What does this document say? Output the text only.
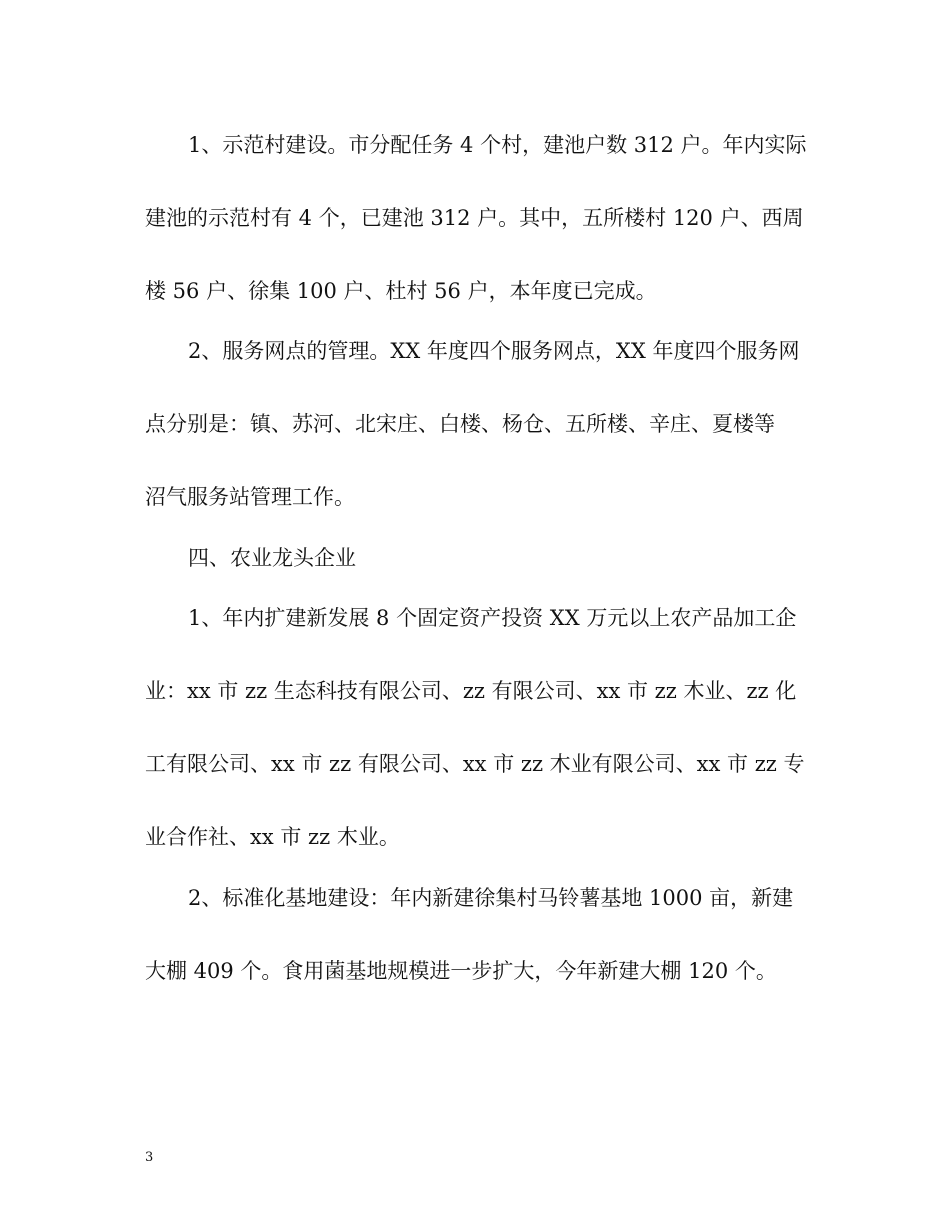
1、示范村建设。市分配任务 4 个村，建池户数 312 户。年内实际
建池的示范村有 4 个，已建池 312 户。其中，五所楼村 120 户、西周
楼 56 户、徐集 100 户、杜村 56 户，本年度已完成。
2、服务网点的管理。XX 年度四个服务网点，XX 年度四个服务网
点分别是：镇、苏河、北宋庄、白楼、杨仓、五所楼、辛庄、夏楼等
沼气服务站管理工作。
四、农业龙头企业
1、年内扩建新发展 8 个固定资产投资 XX 万元以上农产品加工企
业：xx 市 zz 生态科技有限公司、zz 有限公司、xx 市 zz 木业、zz 化
工有限公司、xx 市 zz 有限公司、xx 市 zz 木业有限公司、xx 市 zz 专
业合作社、xx 市 zz 木业。
2、标准化基地建设：年内新建徐集村马铃薯基地 1000 亩，新建
大棚 409 个。食用菌基地规模进一步扩大，今年新建大棚 120 个。
3
